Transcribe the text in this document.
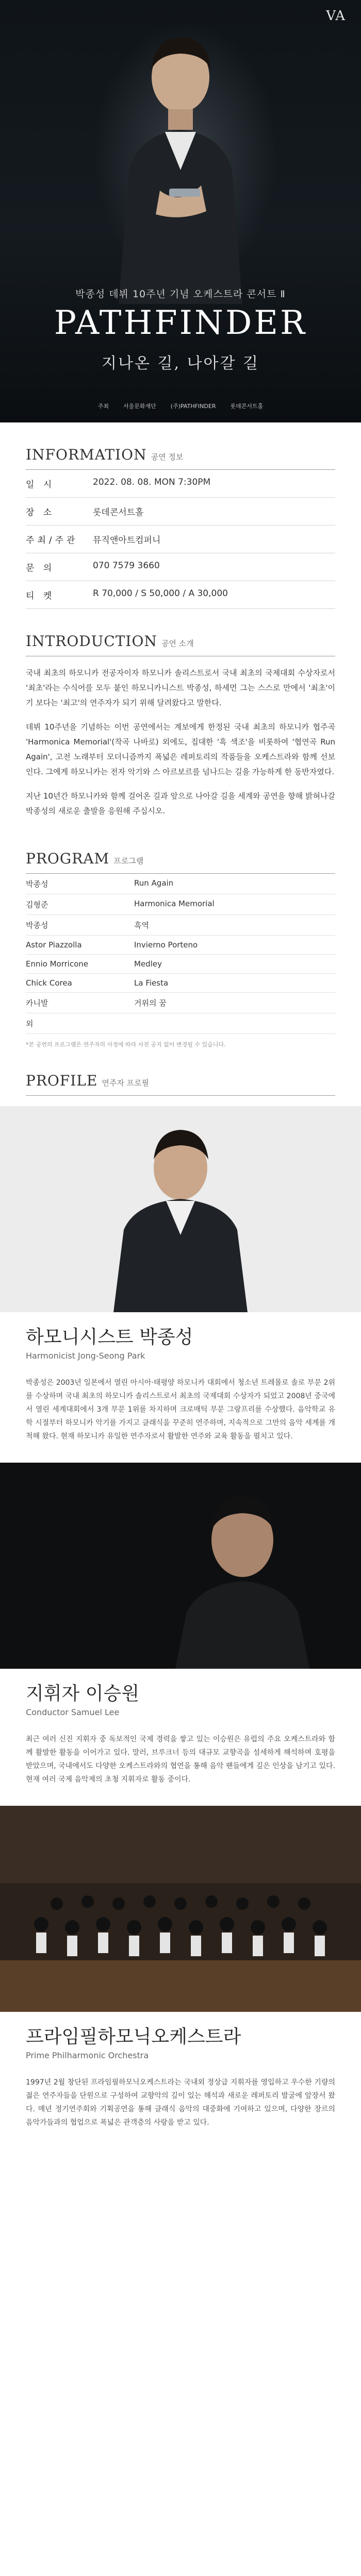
VA
박종성 데뷔 10주년 기념 오케스트라 콘서트 Ⅱ
PATHFINDER
지나온 길, 나아갈 길
주최	서울문화재단	(주)PATHFINDER	롯데콘서트홀
INFORMATION 공연 정보
일 시	2022. 08. 08. MON 7:30PM
장 소	롯데콘서트홀
주최/주관	뮤직앤아트컴퍼니
문 의	070 7579 3660
티 켓	R 70,000 / S 50,000 / A 30,000
INTRODUCTION 공연 소개

국내 최초의 하모니카 전공자이자 하모니카 솔리스트로서 국내 최초의 국제대회 수상자로서 '최초'라는 수식어를 모두 붙인 하모니카니스트 박종성, 하세먼 그는 스스로 만에서 '최초'이기 보다는 '최고'의 연주자가 되기 위해 달려왔다고 말한다.

데뷔 10주년을 기념하는 이번 공연에서는 계보에게 한정된 국내 최초의 하모니카 협주곡 'Harmonica Memorial'(작곡 나바로) 외에도, 집대한 '흑 색조'을 비롯하여 '협연곡 Run Again', 고전 노래부터 모더니즘까지 폭넓은 레퍼토리의 작품들을 오케스트라와 함께 선보인다. 그에게 하모니카는 전자 악기와 스 아르보르를 넘나드는 길을 가능하게 한 동반자였다.

지난 10년간 하모니카와 함께 걸어온 길과 앞으로 나아갈 길을 세계와 공연을 향해 밝혀나갈 박종성의 새로운 출발을 응원해 주십시오.

PROGRAM 프로그램
박종성	Run Again
김형준	Harmonica Memorial
박종성	흑역
Astor Piazzolla	Invierno Porteno
Ennio Morricone	Medley
Chick Corea	La Fiesta
카니발	거위의 꿈
외
*본 공연의 프로그램은 연주자의 사정에 따라 사전 공지 없이 변경될 수 있습니다.
PROFILE 연주자 프로필
하모니시스트 박종성
Harmonicist Jong-Seong Park

박종성은 2003년 일본에서 열린 아시아·태평양 하모니카 대회에서 청소년 트레몰로 솔로 부문 2위를 수상하며 국내 최초의 하모니카 솔리스트로서 최초의 국제대회 수상자가 되었고 2008년 중국에서 열린 세계대회에서 3개 부문 1위를 차지하며 크로매틱 부문 그랑프리를 수상했다. 음악학교 유학 시절부터 하모니카 악기를 가지고 클래식을 꾸준히 연주하며, 지속적으로 그만의 음악 세계를 개척해 왔다. 현재 하모니카 유일한 연주자로서 활발한 연주와 교육 활동을 펼치고 있다.

지휘자 이승원
Conductor Samuel Lee

최근 여러 신진 지휘자 중 독보적인 국제 경력을 쌓고 있는 이승원은 유럽의 주요 오케스트라와 함께 활발한 활동을 이어가고 있다. 말러, 브루크너 등의 대규모 교향곡을 섬세하게 해석하며 호평을 받았으며, 국내에서도 다양한 오케스트라와의 협연을 통해 음악 팬들에게 깊은 인상을 남기고 있다. 현재 여러 국제 음악제의 초청 지휘자로 활동 중이다.

프라임필하모닉오케스트라
Prime Philharmonic Orchestra

1997년 2월 창단된 프라임필하모닉오케스트라는 국내외 정상급 지휘자를 영입하고 우수한 기량의 젊은 연주자들을 단원으로 구성하여 교향악의 깊이 있는 해석과 새로운 레퍼토리 발굴에 앞장서 왔다. 매년 정기연주회와 기획공연을 통해 클래식 음악의 대중화에 기여하고 있으며, 다양한 장르의 음악가들과의 협업으로 폭넓은 관객층의 사랑을 받고 있다.
